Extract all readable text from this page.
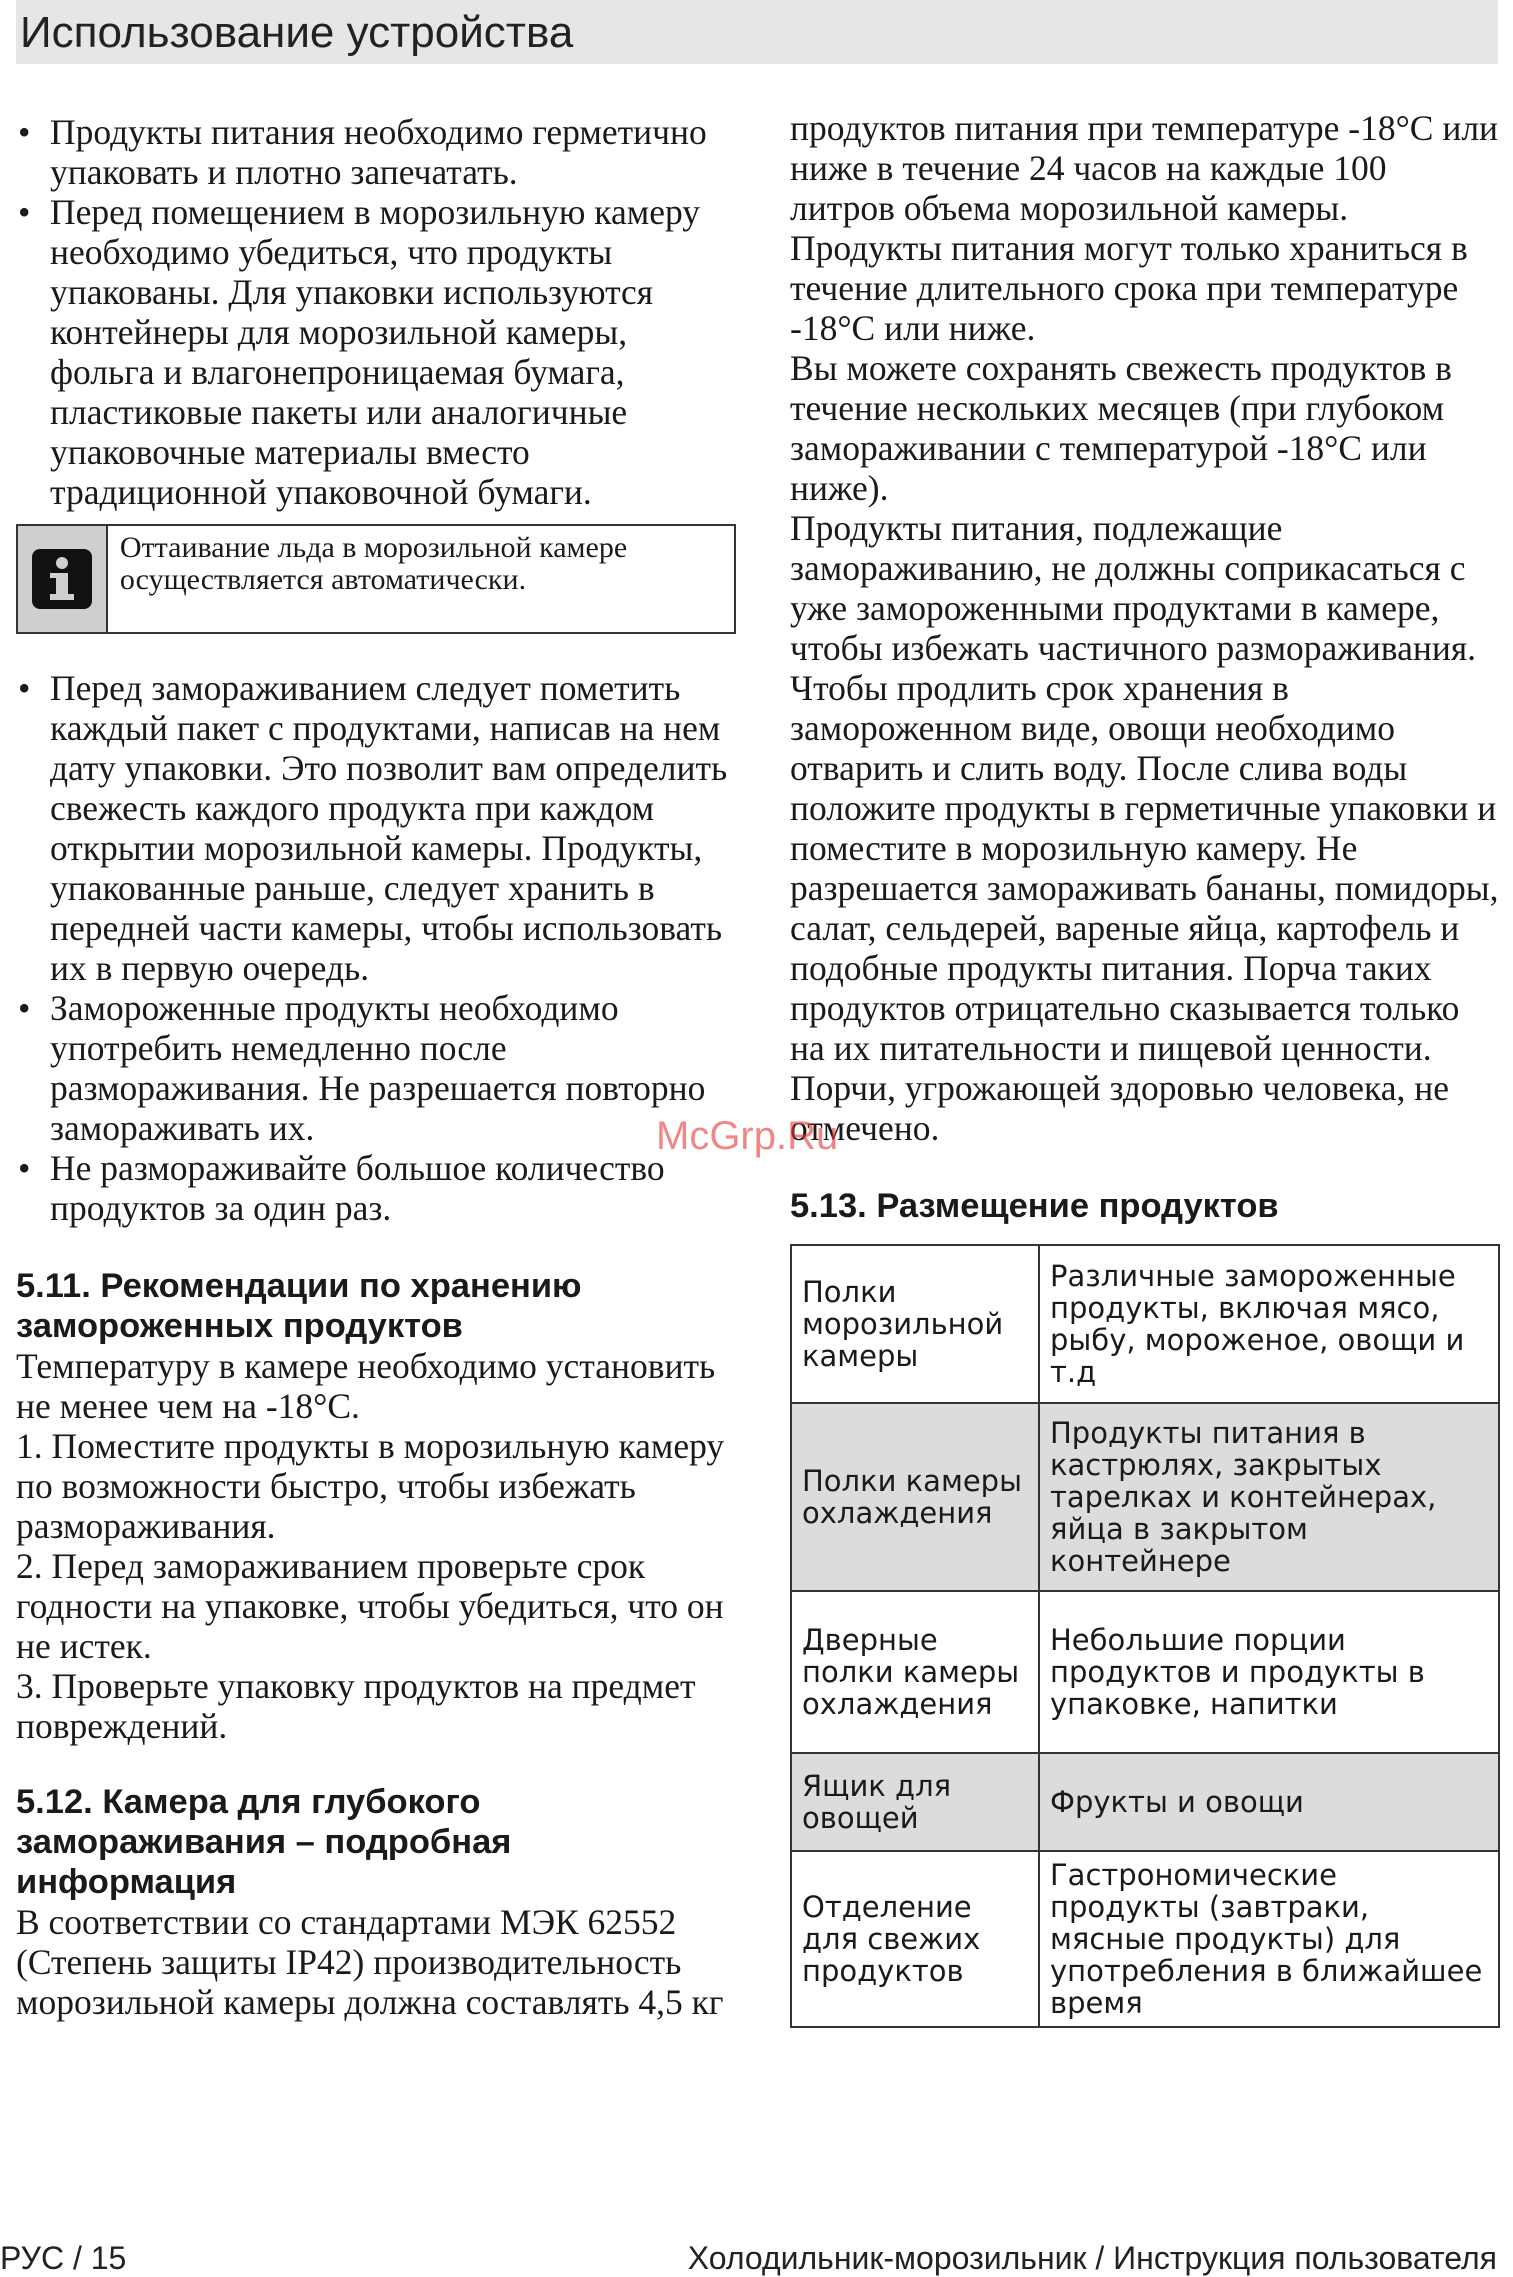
Использование устройства
• Продукты питания необходимо герметично упаковать и плотно запечатать.
• Перед помещением в морозильную камеру необходимо убедиться, что продукты упакованы. Для упаковки используются контейнеры для морозильной камеры, фольга и влагонепроницаемая бумага, пластиковые пакеты или аналогичные упаковочные материалы вместо традиционной упаковочной бумаги.
Оттаивание льда в морозильной камере осуществляется автоматически.
• Перед замораживанием следует пометить каждый пакет с продуктами, написав на нем дату упаковки. Это позволит вам определить свежесть каждого продукта при каждом открытии морозильной камеры. Продукты, упакованные раньше, следует хранить в передней части камеры, чтобы использовать их в первую очередь.
• Замороженные продукты необходимо употребить немедленно после размораживания. Не разрешается повторно замораживать их.
• Не размораживайте большое количество продуктов за один раз.
5.11. Рекомендации по хранению замороженных продуктов

Температуру в камере необходимо установить не менее чем на -18°C.

1. Поместите продукты в морозильную камеру по возможности быстро, чтобы избежать размораживания.

2. Перед замораживанием проверьте срок годности на упаковке, чтобы убедиться, что он не истек.

3. Проверьте упаковку продуктов на предмет повреждений.

5.12. Камера для глубокого замораживания – подробная информация

В соответствии со стандартами МЭК 62552 (Степень защиты IP42) производительность морозильной камеры должна составлять 4,5 кг

продуктов питания при температуре -18°C или ниже в течение 24 часов на каждые 100 литров объема морозильной камеры.

Продукты питания могут только храниться в течение длительного срока при температуре -18°C или ниже.

Вы можете сохранять свежесть продуктов в течение нескольких месяцев (при глубоком замораживании с температурой -18°C или ниже).

Продукты питания, подлежащие замораживанию, не должны соприкасаться с уже замороженными продуктами в камере, чтобы избежать частичного размораживания.

Чтобы продлить срок хранения в замороженном виде, овощи необходимо отварить и слить воду. После слива воды положите продукты в герметичные упаковки и поместите в морозильную камеру. Не разрешается замораживать бананы, помидоры, салат, сельдерей, вареные яйца, картофель и подобные продукты питания. Порча таких продуктов отрицательно сказывается только на их питательности и пищевой ценности. Порчи, угрожающей здоровью человека, не отмечено.

5.13. Размещение продуктов
Полки морозильной камеры	Различные замороженные продукты, включая мясо, рыбу, мороженое, овощи и т.д
Полки камеры охлаждения	Продукты питания в кастрюлях, закрытых тарелках и контейнерах, яйца в закрытом контейнере
Дверные полки камеры охлаждения	Небольшие порции продуктов и продукты в упаковке, напитки
Ящик для овощей	Фрукты и овощи
Отделение для свежих продуктов	Гастрономические продукты (завтраки, мясные продукты) для употребления в ближайшее время
McGrp.Ru
РУС / 15	Холодильник-морозильник / Инструкция пользователя
